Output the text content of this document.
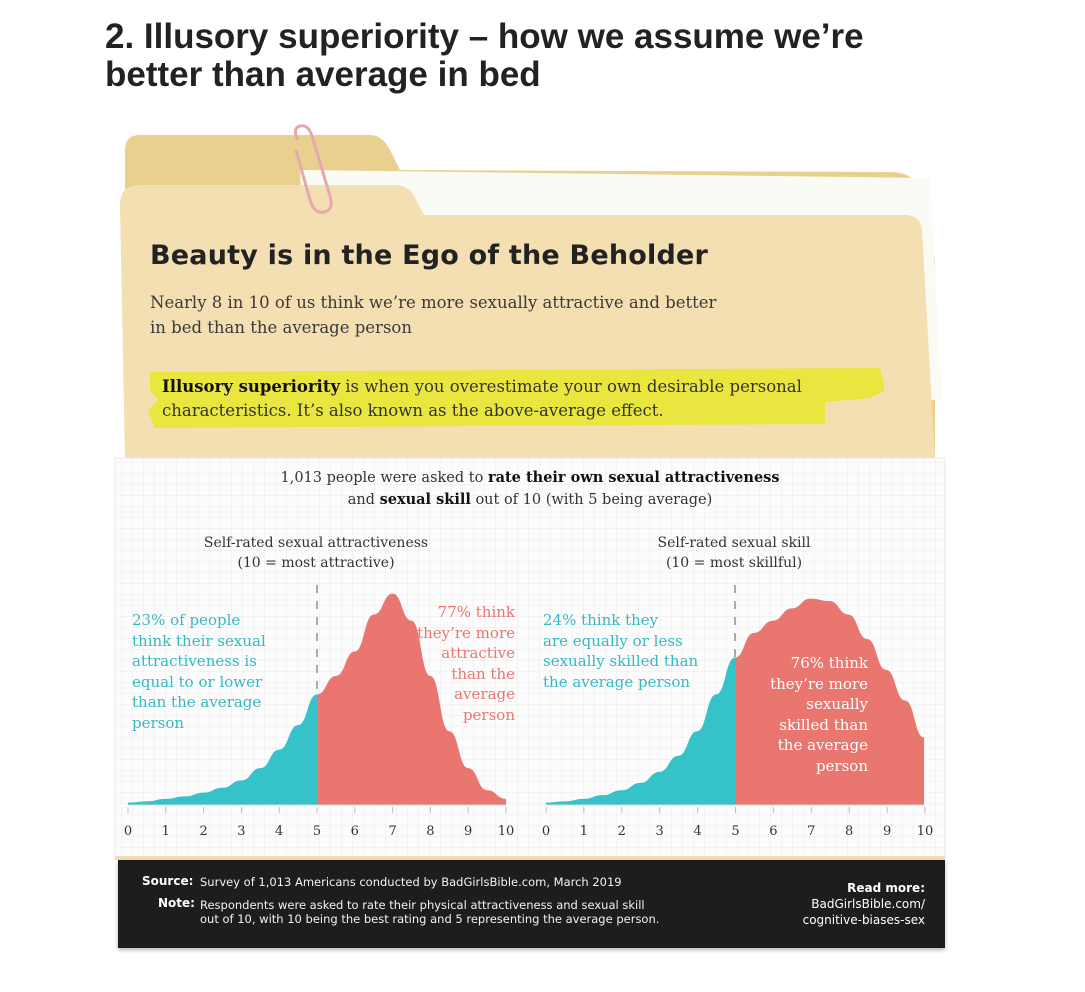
2. Illusory superiority – how we assume we’re better than average in bed
0 1 2 3 4 5 6 7 8 9 10 0 1 2 3 4 5 6 7 8 9 10
Beauty is in the Ego of the Beholder
Nearly 8 in 10 of us think we’re more sexually attractive and better in bed than the average person
Illusory superiority is when you overestimate your own desirable personal characteristics. It’s also known as the above-average effect.
1,013 people were asked to rate their own sexual attractiveness
and sexual skill out of 10 (with 5 being average)
Self-rated sexual attractiveness
(10 = most attractive)
Self-rated sexual skill
(10 = most skillful)
23% of people
think their sexual
attractiveness is
equal to or lower
than the average
person
77% think
they’re more
attractive
than the
average
person
24% think they
are equally or less
sexually skilled than
the average person
76% think
they’re more
sexually
skilled than
the average
person
Source: Survey of 1,013 Americans conducted by BadGirlsBible.com, March 2019
Note: Respondents were asked to rate their physical attractiveness and sexual skill
out of 10, with 10 being the best rating and 5 representing the average person.
Read more:
BadGirlsBible.com/
cognitive-biases-sex
